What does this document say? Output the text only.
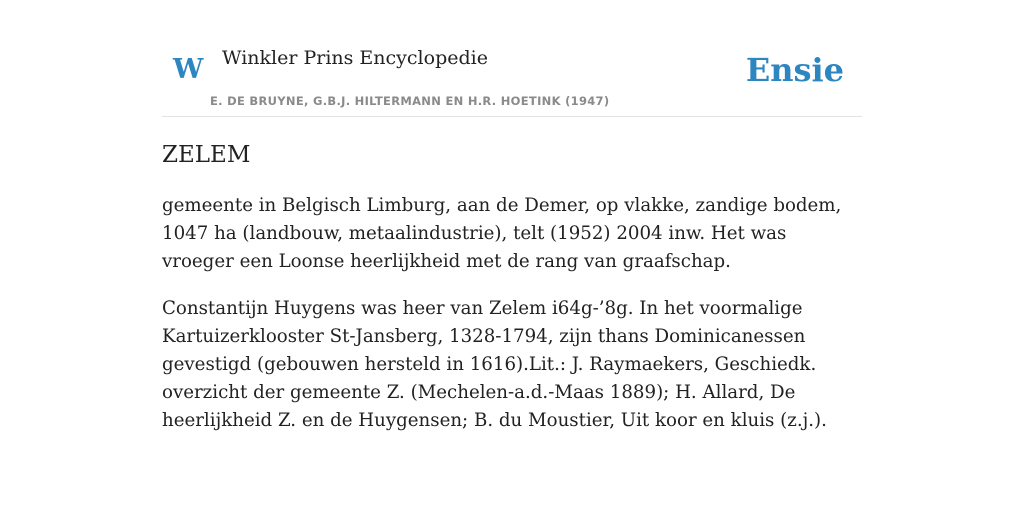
W Winkler Prins Encyclopedie
E. DE BRUYNE, G.B.J. HILTERMANN EN H.R. HOETINK (1947)
Ensie
ZELEM

gemeente in Belgisch Limburg, aan de Demer, op vlakke, zandige bodem, 1047 ha (landbouw, metaalindustrie), telt (1952) 2004 inw. Het was vroeger een Loonse heerlijkheid met de rang van graafschap.

Constantijn Huygens was heer van Zelem i64g-’8g. In het voormalige Kartuizerklooster St-Jansberg, 1328-1794, zijn thans Dominicanessen gevestigd (gebouwen hersteld in 1616).Lit.: J. Raymaekers, Geschiedk. overzicht der gemeente Z. (Mechelen-a.d.-Maas 1889); H. Allard, De heerlijkheid Z. en de Huygensen; B. du Moustier, Uit koor en kluis (z.j.).
